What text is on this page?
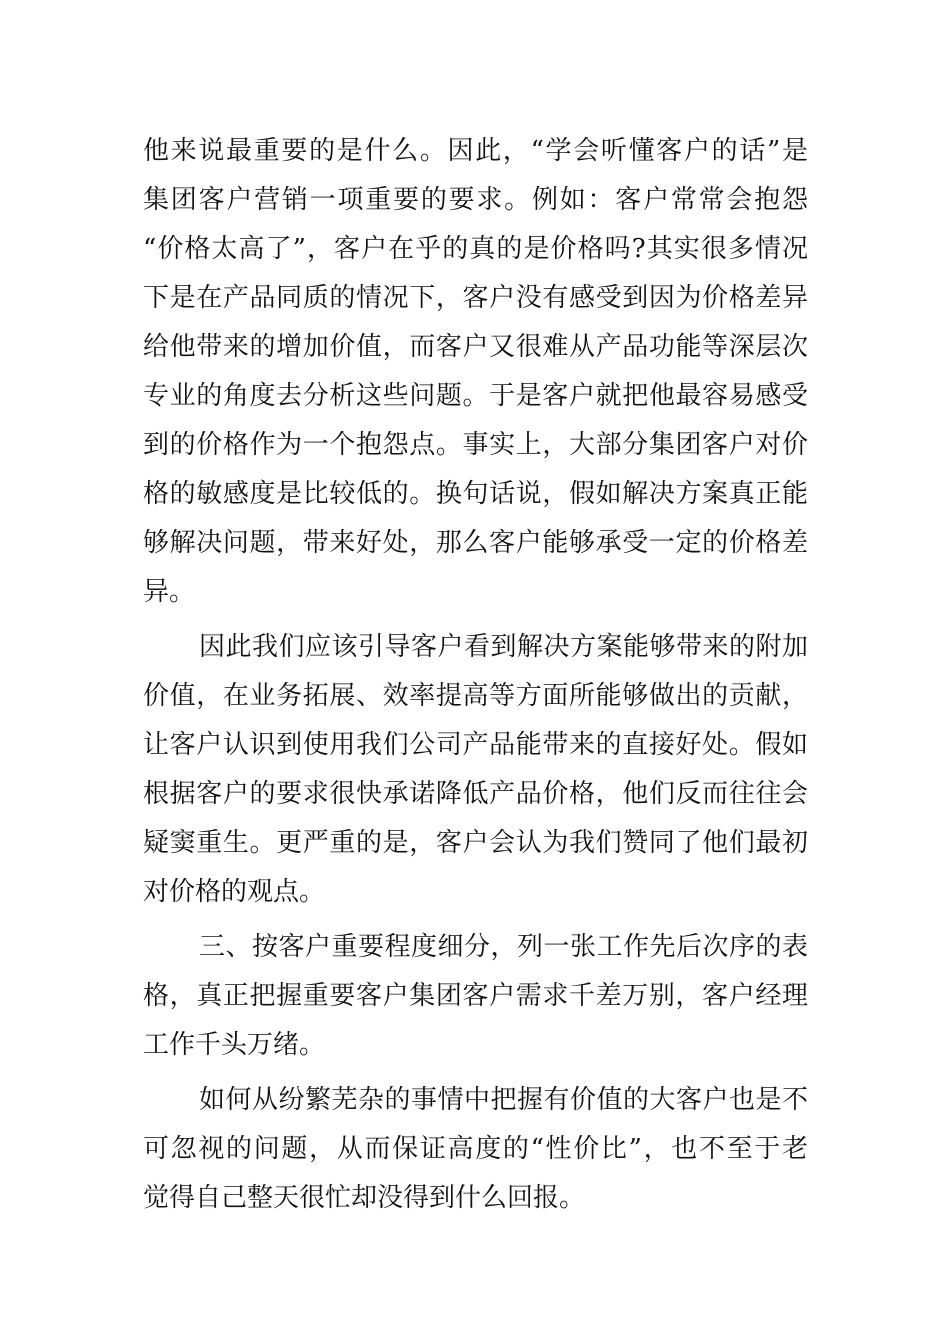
他来说最重要的是什么。因此，“学会听懂客户的话”是
集团客户营销一项重要的要求。例如：客户常常会抱怨
“价格太高了”，客户在乎的真的是价格吗?其实很多情况
下是在产品同质的情况下，客户没有感受到因为价格差异
给他带来的增加价值，而客户又很难从产品功能等深层次
专业的角度去分析这些问题。于是客户就把他最容易感受
到的价格作为一个抱怨点。事实上，大部分集团客户对价
格的敏感度是比较低的。换句话说，假如解决方案真正能
够解决问题，带来好处，那么客户能够承受一定的价格差
异。
因此我们应该引导客户看到解决方案能够带来的附加
价值，在业务拓展、效率提高等方面所能够做出的贡献，
让客户认识到使用我们公司产品能带来的直接好处。假如
根据客户的要求很快承诺降低产品价格，他们反而往往会
疑窦重生。更严重的是，客户会认为我们赞同了他们最初
对价格的观点。
三、按客户重要程度细分，列一张工作先后次序的表
格，真正把握重要客户集团客户需求千差万别，客户经理
工作千头万绪。
如何从纷繁芜杂的事情中把握有价值的大客户也是不
可忽视的问题，从而保证高度的“性价比”，也不至于老
觉得自己整天很忙却没得到什么回报。
